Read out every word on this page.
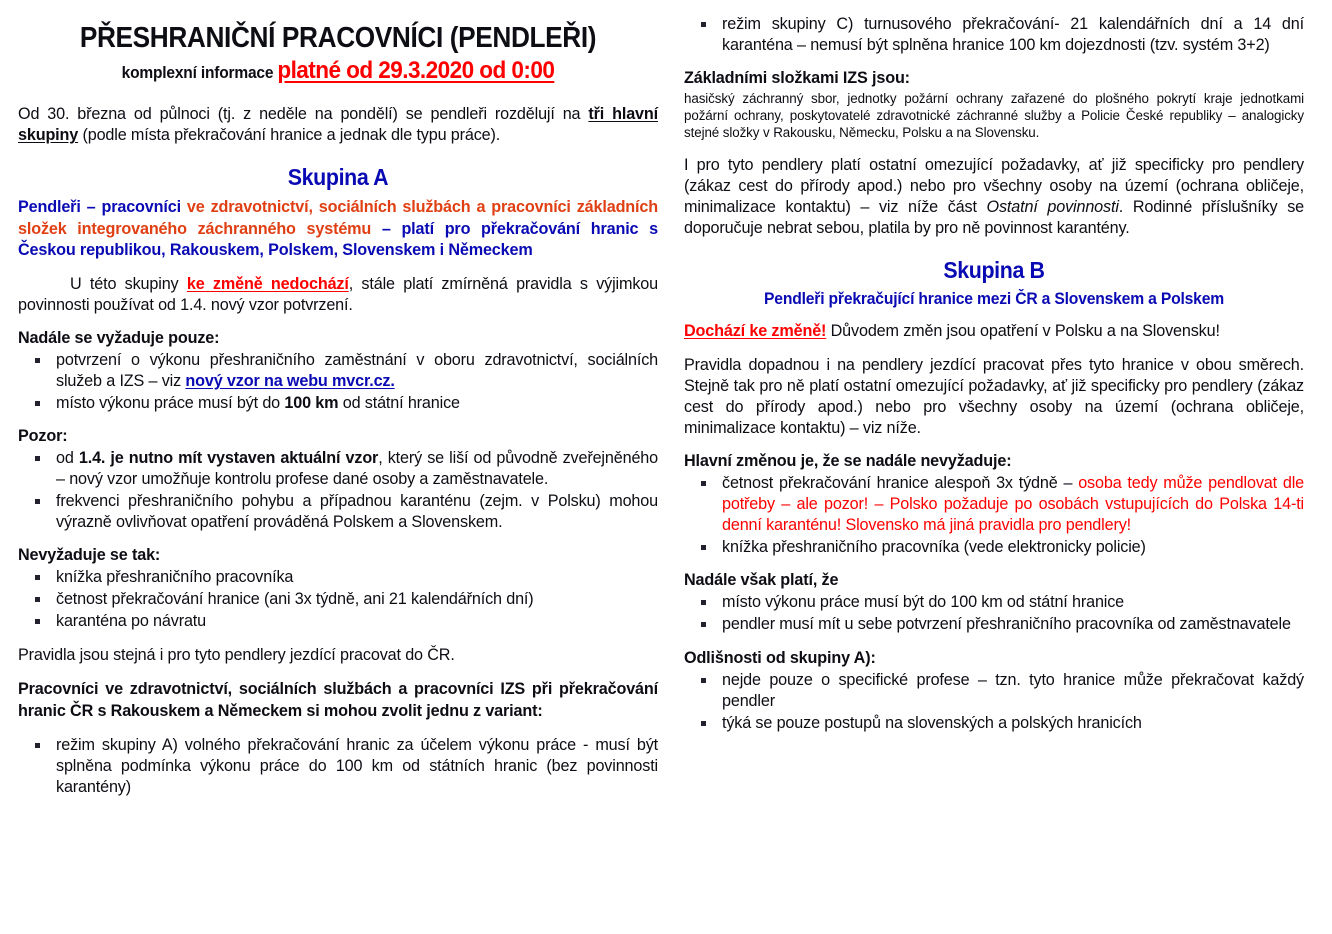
PŘESHRANIČNÍ PRACOVNÍCI (PENDLEŘI)
komplexní informace platné od 29.3.2020 od 0:00

Od 30. března od půlnoci (tj. z neděle na pondělí) se pendleři rozdělují na tři hlavní skupiny (podle místa překračování hranice a jednak dle typu práce).

Skupina A

Pendleři – pracovníci ve zdravotnictví, sociálních službách a pracovníci základních složek integrovaného záchranného systému – platí pro překračování hranic s Českou republikou, Rakouskem, Polskem, Slovenskem i Německem

U této skupiny ke změně nedochází, stále platí zmírněná pravidla s výjimkou povinnosti používat od 1.4. nový vzor potvrzení.

Nadále se vyžaduje pouze:
potvrzení o výkonu přeshraničního zaměstnání v oboru zdravotnictví, sociálních služeb a IZS – viz nový vzor na webu mvcr.cz.
místo výkonu práce musí být do 100 km od státní hranice
Pozor:
od 1.4. je nutno mít vystaven aktuální vzor, který se liší od původně zveřejněného – nový vzor umožňuje kontrolu profese dané osoby a zaměstnavatele.
frekvenci přeshraničního pohybu a případnou karanténu (zejm. v Polsku) mohou výrazně ovlivňovat opatření prováděná Polskem a Slovenskem.
Nevyžaduje se tak:
knížka přeshraničního pracovníka
četnost překračování hranice (ani 3x týdně, ani 21 kalendářních dní)
karanténa po návratu

Pravidla jsou stejná i pro tyto pendlery jezdící pracovat do ČR.

Pracovníci ve zdravotnictví, sociálních službách a pracovníci IZS při překračování hranic ČR s Rakouskem a Německem si mohou zvolit jednu z variant:

režim skupiny A) volného překračování hranic za účelem výkonu práce - musí být splněna podmínka výkonu práce do 100 km od státních hranic (bez povinnosti karantény)
režim skupiny C) turnusového překračování- 21 kalendářních dní a 14 dní karanténa – nemusí být splněna hranice 100 km dojezdnosti (tzv. systém 3+2)
Základními složkami IZS jsou:

hasičský záchranný sbor, jednotky požární ochrany zařazené do plošného pokrytí kraje jednotkami požární ochrany, poskytovatelé zdravotnické záchranné služby a Policie České republiky – analogicky stejné složky v Rakousku, Německu, Polsku a na Slovensku.

I pro tyto pendlery platí ostatní omezující požadavky, ať již specificky pro pendlery (zákaz cest do přírody apod.) nebo pro všechny osoby na území (ochrana obličeje, minimalizace kontaktu) – viz níže část Ostatní povinnosti. Rodinné příslušníky se doporučuje nebrat sebou, platila by pro ně povinnost karantény.

Skupina B
Pendleři překračující hranice mezi ČR a Slovenskem a Polskem

Dochází ke změně! Důvodem změn jsou opatření v Polsku a na Slovensku!

Pravidla dopadnou i na pendlery jezdící pracovat přes tyto hranice v obou směrech. Stejně tak pro ně platí ostatní omezující požadavky, ať již specificky pro pendlery (zákaz cest do přírody apod.) nebo pro všechny osoby na území (ochrana obličeje, minimalizace kontaktu) – viz níže.

Hlavní změnou je, že se nadále nevyžaduje:
četnost překračování hranice alespoň 3x týdně – osoba tedy může pendlovat dle potřeby – ale pozor! – Polsko požaduje po osobách vstupujících do Polska 14-ti denní karanténu! Slovensko má jiná pravidla pro pendlery!
knížka přeshraničního pracovníka (vede elektronicky policie)
Nadále však platí, že
místo výkonu práce musí být do 100 km od státní hranice
pendler musí mít u sebe potvrzení přeshraničního pracovníka od zaměstnavatele
Odlišnosti od skupiny A):
nejde pouze o specifické profese – tzn. tyto hranice může překračovat každý pendler
týká se pouze postupů na slovenských a polských hranicích
